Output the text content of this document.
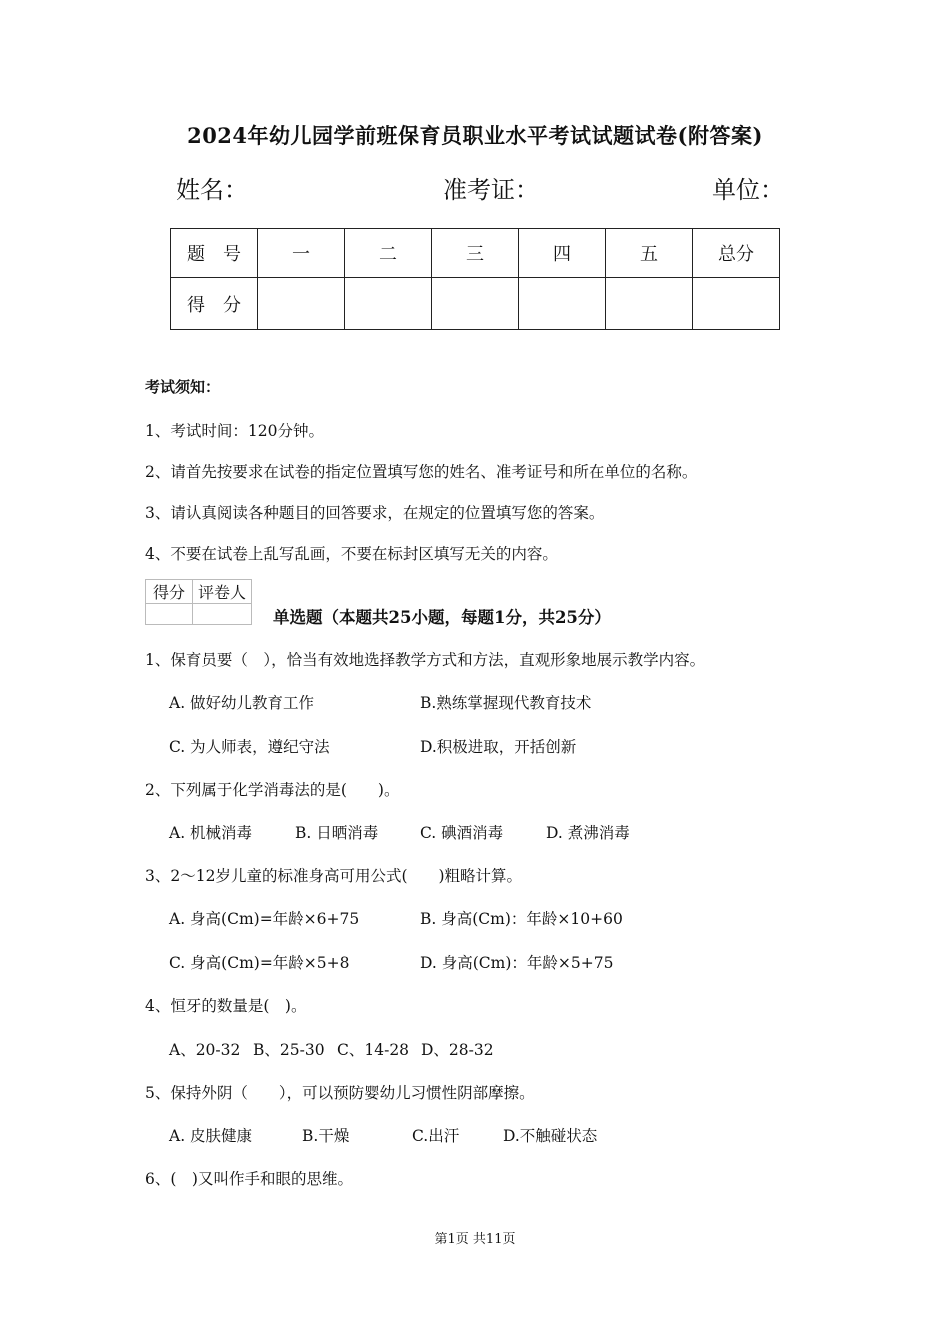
2024年幼儿园学前班保育员职业水平考试试题试卷(附答案)
姓名：	准考证：	单位：
题　号	一	二	三	四	五	总分
得　分						
考试须知：
1、考试时间：120分钟。
2、请首先按要求在试卷的指定位置填写您的姓名、准考证号和所在单位的名称。
3、请认真阅读各种题目的回答要求，在规定的位置填写您的答案。
4、不要在试卷上乱写乱画，不要在标封区填写无关的内容。
得分	评卷人

单选题（本题共25小题，每题1分，共25分）
1、保育员要（　），恰当有效地选择教学方式和方法，直观形象地展示教学内容。
A. 做好幼儿教育工作	B.熟练掌握现代教育技术
C. 为人师表，遵纪守法	D.积极进取，开括创新
2、下列属于化学消毒法的是(　　)。
A. 机械消毒	B. 日晒消毒	C. 碘酒消毒	D. 煮沸消毒
3、2～12岁儿童的标准身高可用公式(　　)粗略计算。
A. 身高(Cm)=年龄×6+75	B. 身高(Cm)：年龄×10+60
C. 身高(Cm)=年龄×5+8	D. 身高(Cm)：年龄×5+75
4、恒牙的数量是(　)。
A、20-32 B、25-30 C、14-28 D、28-32
5、保持外阴（　　），可以预防婴幼儿习惯性阴部摩擦。
A. 皮肤健康	B.干燥	C.出汗	D.不触碰状态
6、(　)又叫作手和眼的思维。
第1页 共11页
